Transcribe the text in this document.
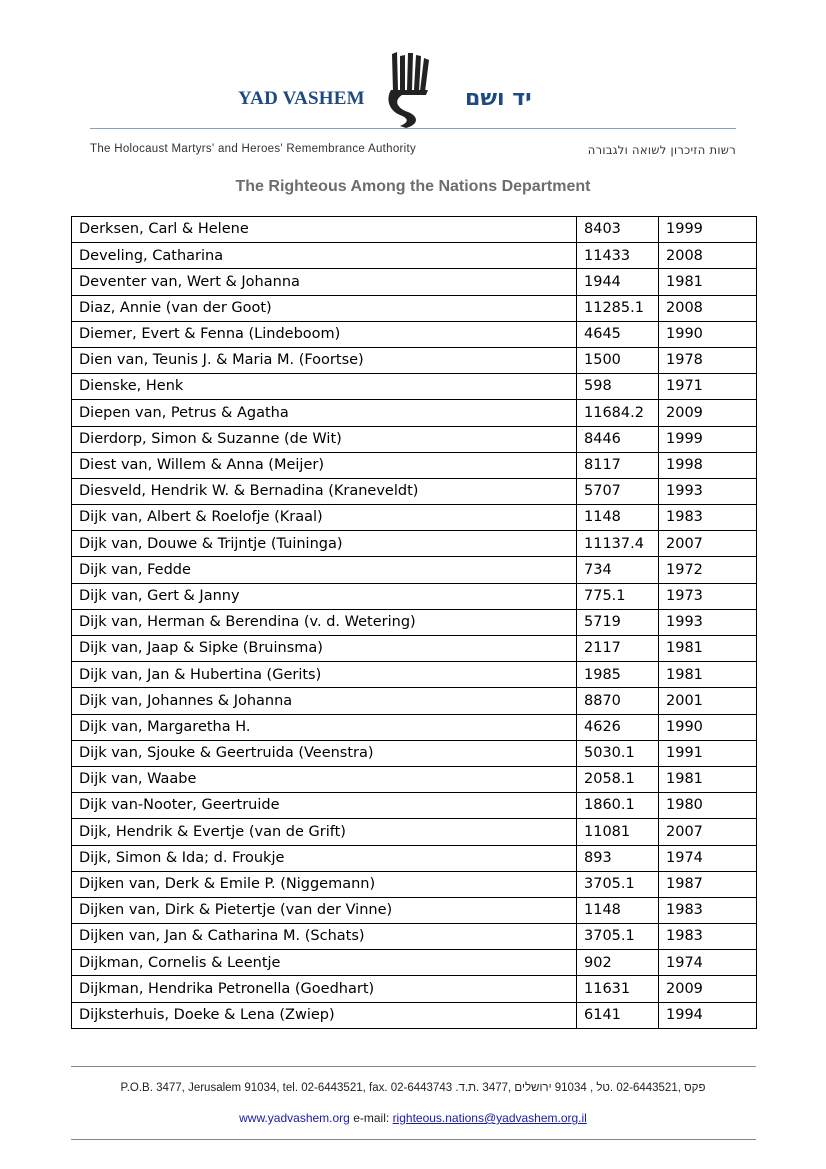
YAD VASHEM	יד ושם
The Holocaust Martyrs' and Heroes' Remembrance Authority	רשות הזיכרון לשואה ולגבורה
The Righteous Among the Nations Department
Derksen, Carl & Helene	8403	1999
Develing, Catharina	11433	2008
Deventer van, Wert & Johanna	1944	1981
Diaz, Annie (van der Goot)	11285.1	2008
Diemer, Evert & Fenna (Lindeboom)	4645	1990
Dien van, Teunis J. & Maria M. (Foortse)	1500	1978
Dienske, Henk	598	1971
Diepen van, Petrus & Agatha	11684.2	2009
Dierdorp, Simon & Suzanne (de Wit)	8446	1999
Diest van, Willem & Anna (Meijer)	8117	1998
Diesveld, Hendrik W. & Bernadina (Kraneveldt)	5707	1993
Dijk van, Albert & Roelofje (Kraal)	1148	1983
Dijk van, Douwe & Trijntje (Tuininga)	11137.4	2007
Dijk van, Fedde	734	1972
Dijk van, Gert & Janny	775.1	1973
Dijk van, Herman & Berendina (v. d. Wetering)	5719	1993
Dijk van, Jaap & Sipke (Bruinsma)	2117	1981
Dijk van, Jan & Hubertina (Gerits)	1985	1981
Dijk van, Johannes & Johanna	8870	2001
Dijk van, Margaretha H.	4626	1990
Dijk van, Sjouke & Geertruida (Veenstra)	5030.1	1991
Dijk van, Waabe	2058.1	1981
Dijk van-Nooter, Geertruide	1860.1	1980
Dijk, Hendrik & Evertje (van de Grift)	11081	2007
Dijk, Simon & Ida; d. Froukje	893	1974
Dijken van, Derk & Emile P. (Niggemann)	3705.1	1987
Dijken van, Dirk & Pietertje (van der Vinne)	1148	1983
Dijken van, Jan & Catharina M. (Schats)	3705.1	1983
Dijkman, Cornelis & Leentje	902	1974
Dijkman, Hendrika Petronella (Goedhart)	11631	2009
Dijksterhuis, Doeke & Lena (Zwiep)	6141	1994
P.O.B. 3477, Jerusalem 91034, tel. 02-6443521, fax. 02-6443743 .פקס ,02-6443521 .טל , 91034 ירושלים ,3477 .ת.ד
www.yadvashem.org e-mail: righteous.nations@yadvashem.org.il
